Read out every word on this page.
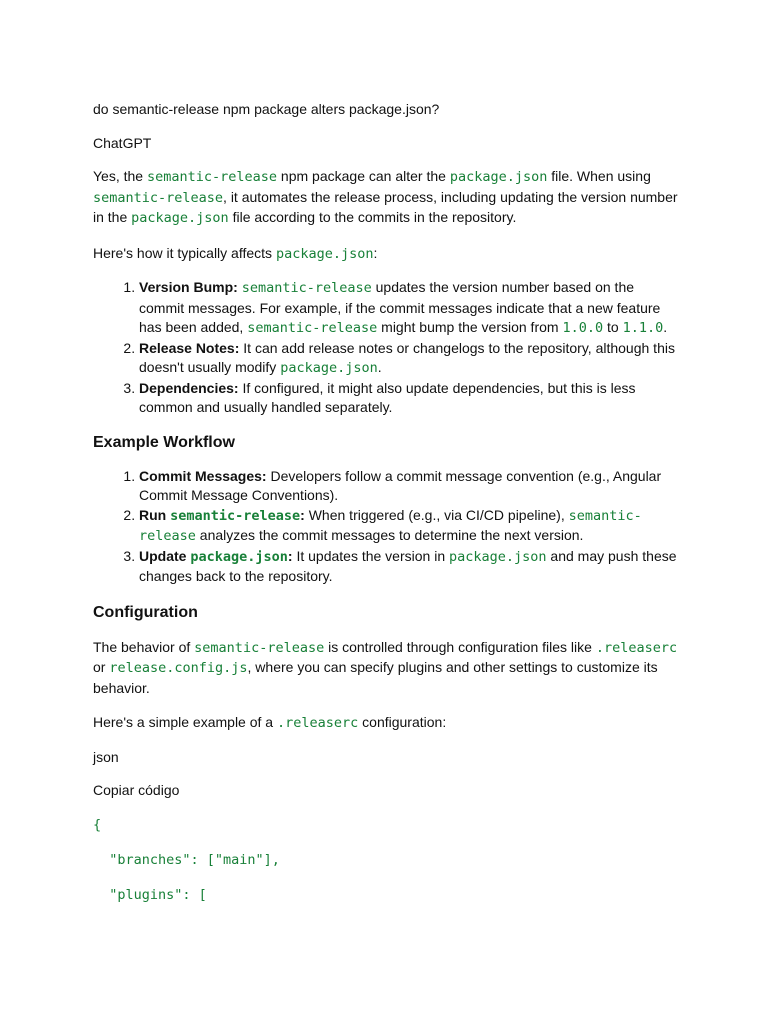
do semantic-release npm package alters package.json?

ChatGPT

Yes, the semantic-release npm package can alter the package.json file. When using semantic-release, it automates the release process, including updating the version number in the package.json file according to the commits in the repository.

Here's how it typically affects package.json:

1. Version Bump: semantic-release updates the version number based on the commit messages. For example, if the commit messages indicate that a new feature has been added, semantic-release might bump the version from 1.0.0 to 1.1.0.
2. Release Notes: It can add release notes or changelogs to the repository, although this doesn't usually modify package.json.
3. Dependencies: If configured, it might also update dependencies, but this is less common and usually handled separately.
Example Workflow
1. Commit Messages: Developers follow a commit message convention (e.g., Angular Commit Message Conventions).
2. Run semantic-release: When triggered (e.g., via CI/CD pipeline), semantic-release analyzes the commit messages to determine the next version.
3. Update package.json: It updates the version in package.json and may push these changes back to the repository.
Configuration

The behavior of semantic-release is controlled through configuration files like .releaserc or release.config.js, where you can specify plugins and other settings to customize its behavior.

Here's a simple example of a .releaserc configuration:

json

Copiar código

{
"branches": ["main"],
"plugins": [
